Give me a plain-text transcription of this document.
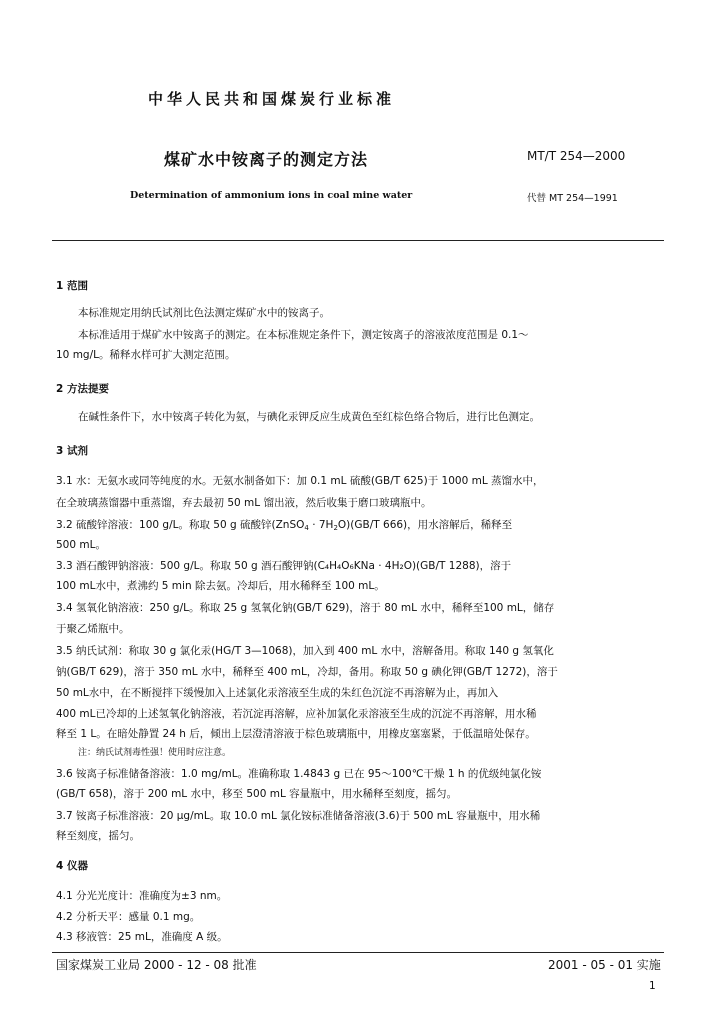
中华人民共和国煤炭行业标准
煤矿水中铵离子的测定方法	MT/T 254—2000
Determination of ammonium ions in coal mine water	代替 MT 254—1991
1 范围
本标准规定用纳氏试剂比色法测定煤矿水中的铵离子。
本标准适用于煤矿水中铵离子的测定。在本标准规定条件下，测定铵离子的溶液浓度范围是 0.1～
10 mg/L。稀释水样可扩大测定范围。
2 方法提要
在碱性条件下，水中铵离子转化为氨，与碘化汞钾反应生成黄色至红棕色络合物后，进行比色测定。
3 试剂
3.1 水：无氨水或同等纯度的水。无氨水制备如下：加 0.1 mL 硫酸(GB/T 625)于 1000 mL 蒸馏水中，
在全玻璃蒸馏器中重蒸馏，弃去最初 50 mL 馏出液，然后收集于磨口玻璃瓶中。
3.2 硫酸锌溶液：100 g/L。称取 50 g 硫酸锌(ZnSO$_4$ · $7H_2O)(GB/T$ 666)，用水溶解后，稀释至
500 mL。
3.3 酒石酸钾钠溶液：500 g/L。称取 50 g 酒石酸钾钠(C₄H₄O₆KNa · 4H₂O)(GB/T 1288)，溶于
100 mL水中，煮沸约 5 min 除去氨。冷却后，用水稀释至 100 mL。
3.4 氢氧化钠溶液：250 g/L。称取 25 g 氢氧化钠(GB/T 629)，溶于 80 mL 水中，稀释至100 mL，储存
于聚乙烯瓶中。
3.5 纳氏试剂：称取 30 g 氯化汞(HG/T 3—1068)，加入到 400 mL 水中，溶解备用。称取 140 g 氢氧化
钠(GB/T 629)，溶于 350 mL 水中，稀释至 400 mL，冷却，备用。称取 50 g 碘化钾(GB/T 1272)，溶于
50 mL水中，在不断搅拌下缓慢加入上述氯化汞溶液至生成的朱红色沉淀不再溶解为止，再加入
400 mL已冷却的上述氢氧化钠溶液，若沉淀再溶解，应补加氯化汞溶液至生成的沉淀不再溶解，用水稀
释至 1 L。在暗处静置 24 h 后，倾出上层澄清溶液于棕色玻璃瓶中，用橡皮塞塞紧，于低温暗处保存。
注：纳氏试剂毒性强！使用时应注意。
3.6 铵离子标准储备溶液：1.0 mg/mL。准确称取 1.4843 g 已在 95～100℃干燥 1 h 的优级纯氯化铵
(GB/T 658)，溶于 200 mL 水中，移至 500 mL 容量瓶中，用水稀释至刻度，摇匀。
3.7 铵离子标准溶液：20 μg/mL。取 10.0 mL 氯化铵标准储备溶液(3.6)于 500 mL 容量瓶中，用水稀
释至刻度，摇匀。
4 仪器
4.1 分光光度计：准确度为±3 nm。
4.2 分析天平：感量 0.1 mg。
4.3 移液管：25 mL，准确度 A 级。
国家煤炭工业局 2000 - 12 - 08 批准	2001 - 05 - 01 实施
1
